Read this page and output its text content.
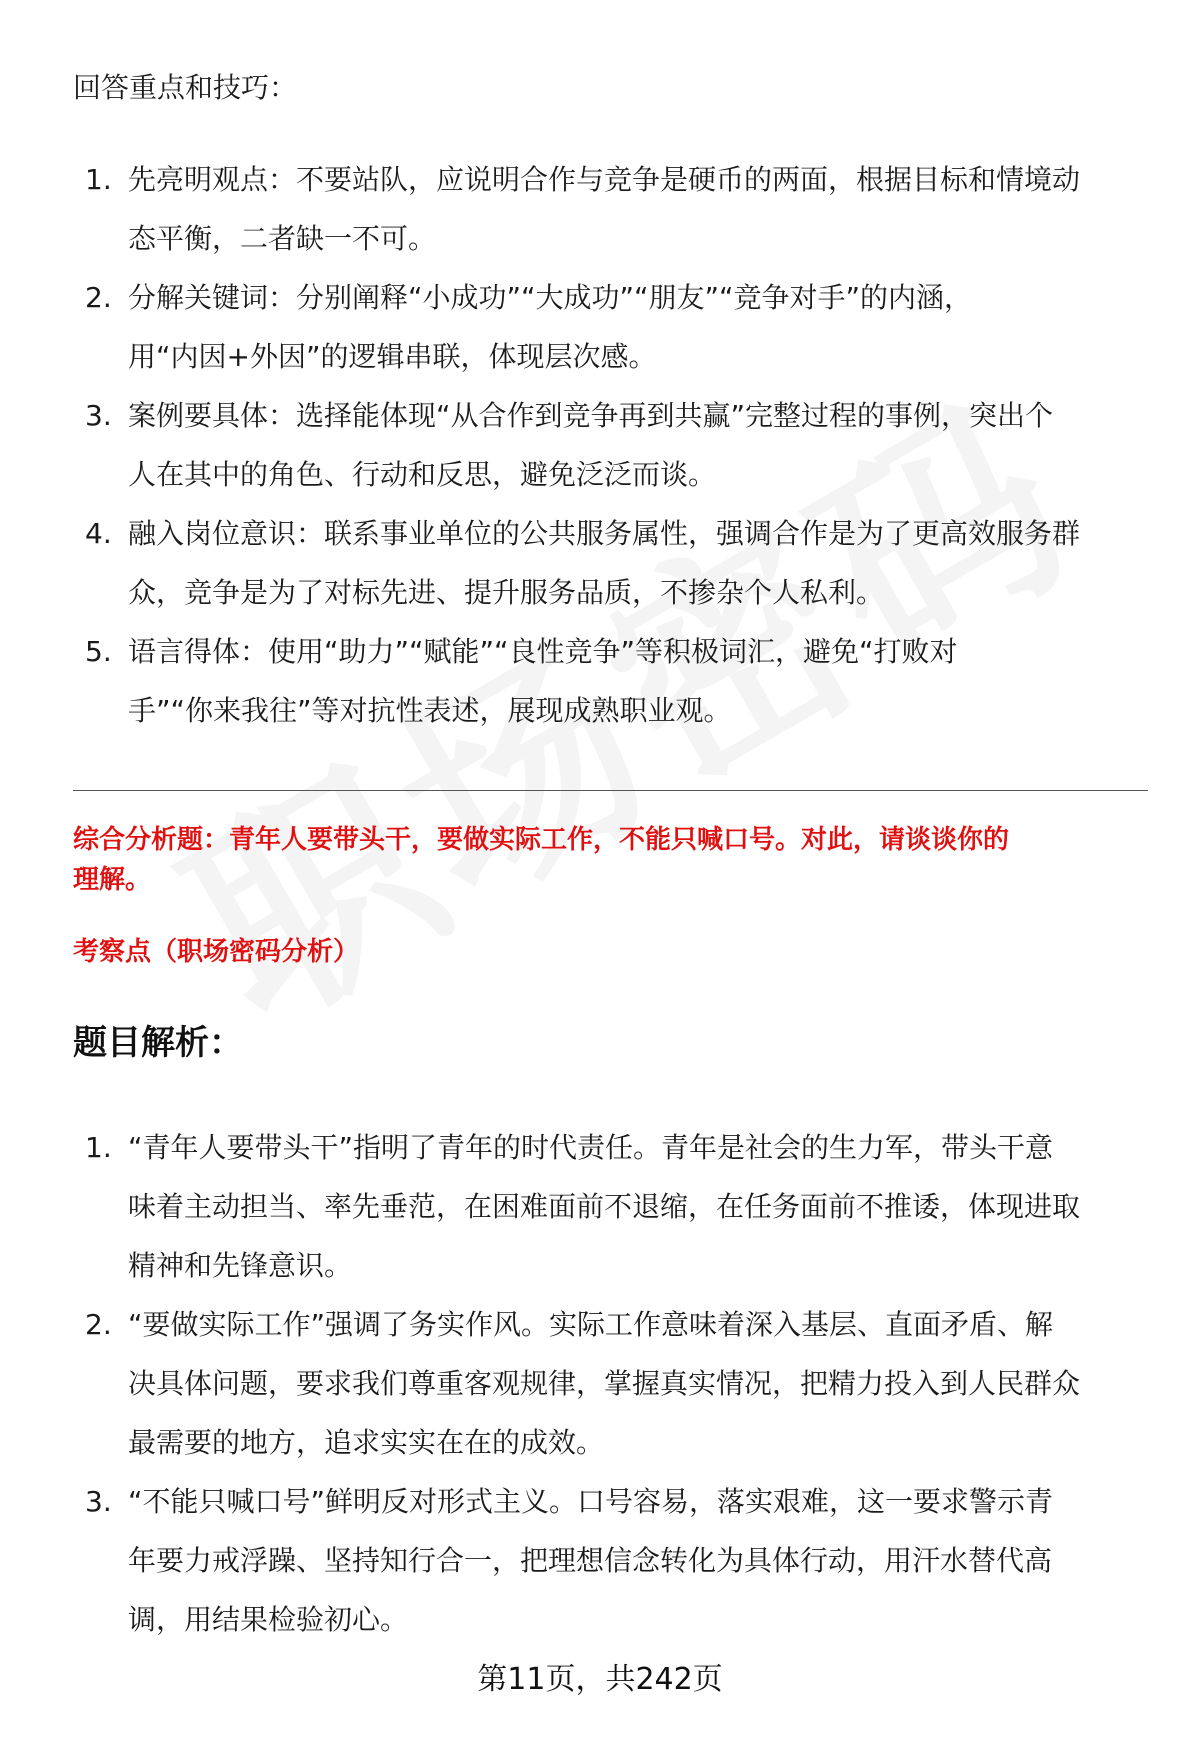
回答重点和技巧：

1. 先亮明观点：不要站队，应说明合作与竞争是硬币的两面，根据目标和情境动
态平衡，二者缺一不可。
2. 分解关键词：分别阐释“小成功”“大成功”“朋友”“竞争对手”的内涵，
用“内因+外因”的逻辑串联，体现层次感。
3. 案例要具体：选择能体现“从合作到竞争再到共赢”完整过程的事例，突出个
人在其中的角色、行动和反思，避免泛泛而谈。
4. 融入岗位意识：联系事业单位的公共服务属性，强调合作是为了更高效服务群
众，竞争是为了对标先进、提升服务品质，不掺杂个人私利。
5. 语言得体：使用“助力”“赋能”“良性竞争”等积极词汇，避免“打败对
手”“你来我往”等对抗性表述，展现成熟职业观。

综合分析题：青年人要带头干，要做实际工作，不能只喊口号。对此，请谈谈你的
理解。

考察点（职场密码分析）

题目解析：
1. “青年人要带头干”指明了青年的时代责任。青年是社会的生力军，带头干意
味着主动担当、率先垂范，在困难面前不退缩，在任务面前不推诿，体现进取
精神和先锋意识。
2. “要做实际工作”强调了务实作风。实际工作意味着深入基层、直面矛盾、解
决具体问题，要求我们尊重客观规律，掌握真实情况，把精力投入到人民群众
最需要的地方，追求实实在在的成效。
3. “不能只喊口号”鲜明反对形式主义。口号容易，落实艰难，这一要求警示青
年要力戒浮躁、坚持知行合一，把理想信念转化为具体行动，用汗水替代高
调，用结果检验初心。
第11页，共242页
